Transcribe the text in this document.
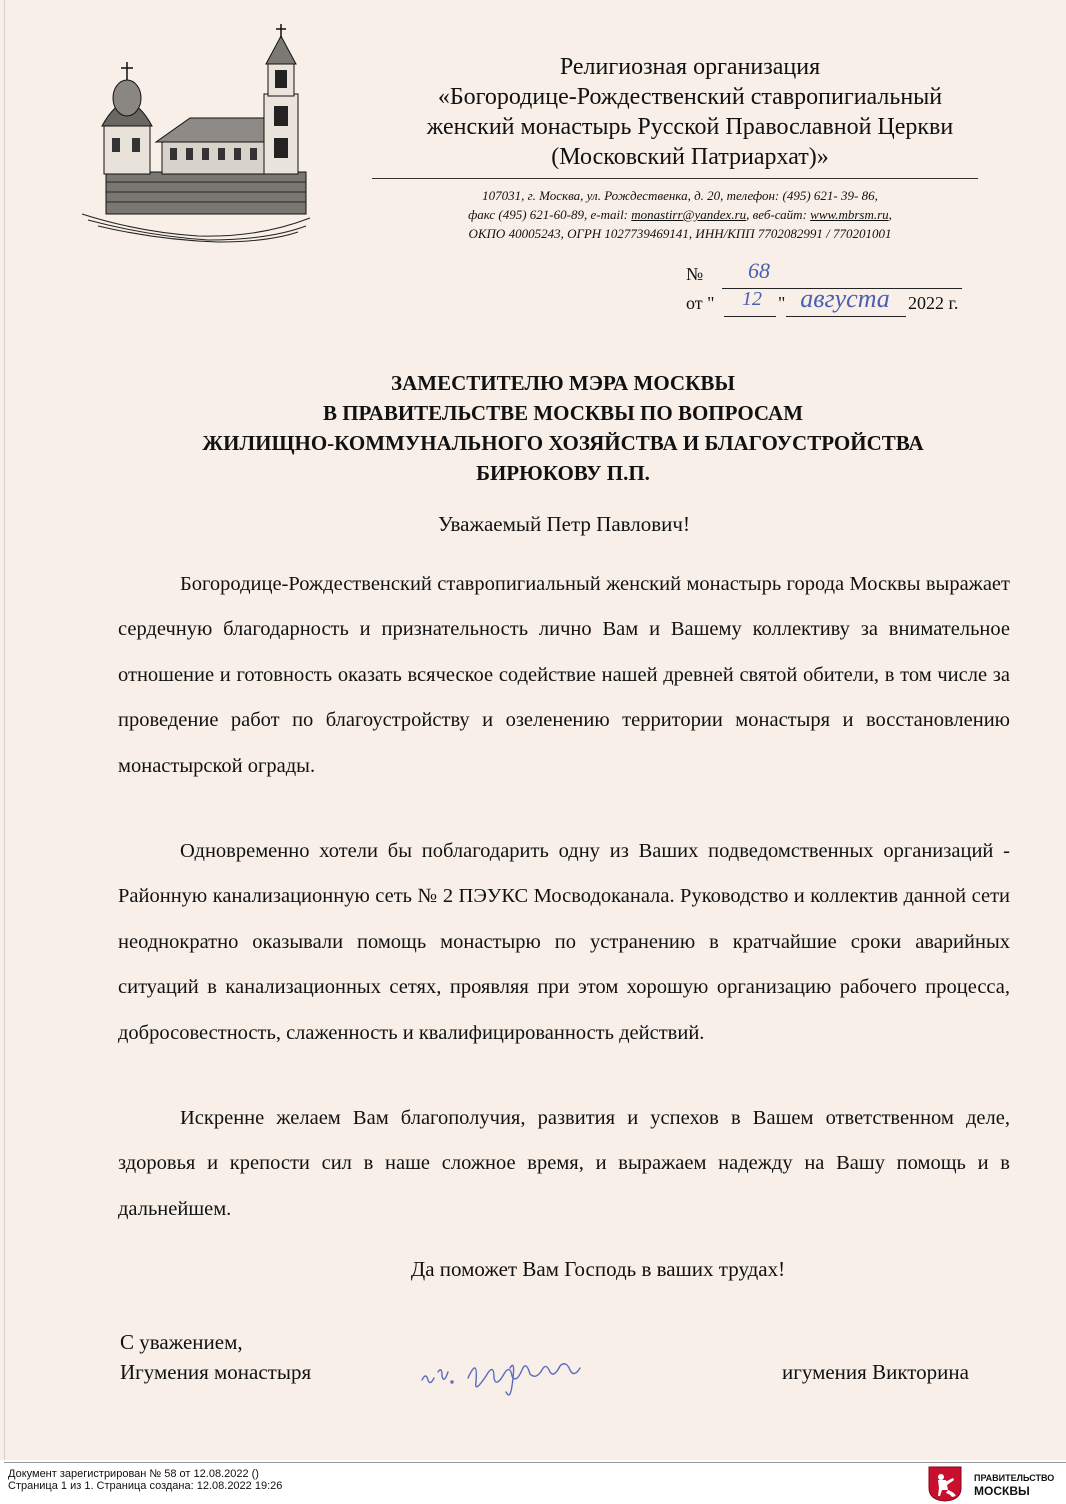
Религиозная организация
«Богородице-Рождественский ставропигиальный
женский монастырь Русской Православной Церкви
(Московский Патриархат)»
107031, г. Москва, ул. Рождественка, д. 20, телефон: (495) 621- 39- 86,
факс (495) 621-60-89, e-mail: monastirr@yandex.ru, веб-сайт: www.mbrsm.ru,
ОКПО 40005243, ОГРН 1027739469141, ИНН/КПП 7702082991 / 770201001
№ 68
от "	12 " августа	2022 г.
ЗАМЕСТИТЕЛЮ МЭРА МОСКВЫ
В ПРАВИТЕЛЬСТВЕ МОСКВЫ ПО ВОПРОСАМ
ЖИЛИЩНО-КОММУНАЛЬНОГО ХОЗЯЙСТВА И БЛАГОУСТРОЙСТВА
БИРЮКОВУ П.П.
Уважаемый Петр Павлович!

Богородице-Рождественский ставропигиальный женский монастырь города Москвы выражает сердечную благодарность и признательность лично Вам и Вашему коллективу за внимательное отношение и готовность оказать всяческое содействие нашей древней святой обители, в том числе за проведение работ по благоустройству и озеленению территории монастыря и восстановлению монастырской ограды.

Одновременно хотели бы поблагодарить одну из Ваших подведомственных организаций - Районную канализационную сеть № 2 ПЭУКС Мосводоканала. Руководство и коллектив данной сети неоднократно оказывали помощь монастырю по устранению в кратчайшие сроки аварийных ситуаций в канализационных сетях, проявляя при этом хорошую организацию рабочего процесса, добросовестность, слаженность и квалифицированность действий.

Искренне желаем Вам благополучия, развития и успехов в Вашем ответственном деле, здоровья и крепости сил в наше сложное время, и выражаем надежду на Вашу помощь и в дальнейшем.

Да поможет Вам Господь в ваших трудах!
С уважением,
Игумения монастыря	игумения Викторина
Документ зарегистрирован № 58 от 12.08.2022 ()
Страница 1 из 1. Страница создана: 12.08.2022 19:26
ПРАВИТЕЛЬСТВО
МОСКВЫ
